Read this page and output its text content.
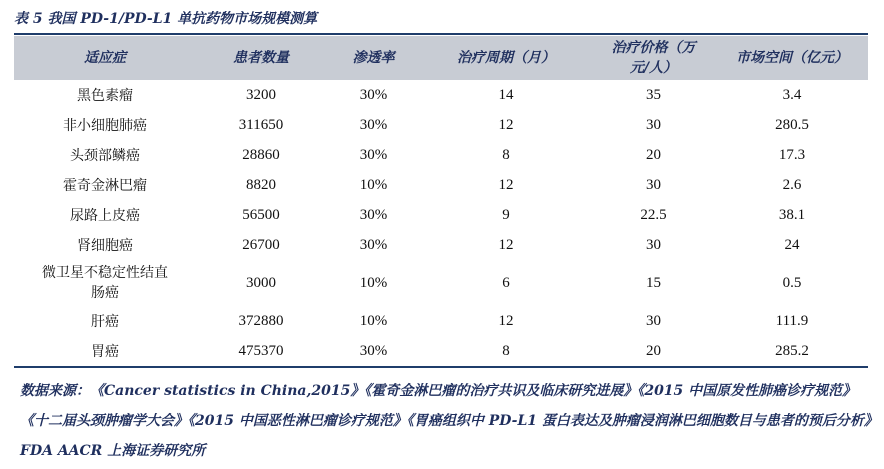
表 5 我国 PD-1/PD-L1 单抗药物市场规模测算
适应症	患者数量	渗透率	治疗周期（月）	治疗价格（万元/人）	市场空间（亿元）
黑色素瘤	3200	30%	14	35	3.4
非小细胞肺癌	311650	30%	12	30	280.5
头颈部鳞癌	28860	30%	8	20	17.3
霍奇金淋巴瘤	8820	10%	12	30	2.6
尿路上皮癌	56500	30%	9	22.5	38.1
肾细胞癌	26700	30%	12	30	24
微卫星不稳定性结直肠癌	3000	10%	6	15	0.5
肝癌	372880	10%	12	30	111.9
胃癌	475370	30%	8	20	285.2
数据来源：《Cancer statistics in China,2015》《霍奇金淋巴瘤的治疗共识及临床研究进展》《2015 中国原发性肺癌诊疗规范》《十二届头颈肿瘤学大会》《2015 中国恶性淋巴瘤诊疗规范》《胃癌组织中 PD-L1 蛋白表达及肿瘤浸润淋巴细胞数目与患者的预后分析》FDA AACR 上海证券研究所
